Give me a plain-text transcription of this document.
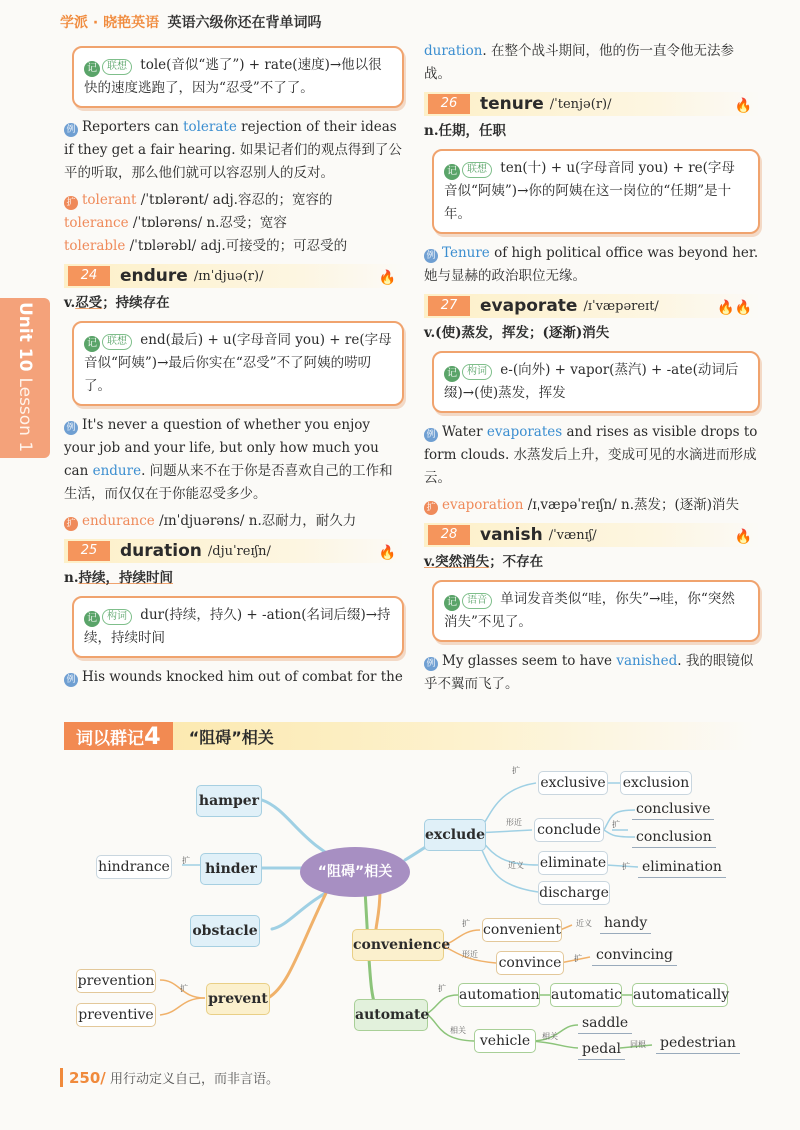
学派 · 晓艳英语 英语六级你还在背单词吗
Unit 10
Lesson 1
记 联想 tole(音似“逃了”) + rate(速度)→他以很快的速度逃跑了，因为“忍受”不了了。
例 Reporters can tolerate rejection of their ideas if they get a fair hearing. 如果记者们的观点得到了公平的听取，那么他们就可以容忍别人的反对。
扩 tolerant /ˈtɒlərənt/ adj.容忍的；宽容的
tolerance /ˈtɒlərəns/ n.忍受；宽容
tolerable /ˈtɒlərəbl/ adj.可接受的；可忍受的
24	endure /ɪnˈdjuə(r)/	🔥
v.忍受；持续存在
记 联想 end(最后) + u(字母音同 you) + re(字母音似“阿姨”)→最后你实在“忍受”不了阿姨的唠叨了。
例 It's never a question of whether you enjoy your job and your life, but only how much you can endure. 问题从来不在于你是否喜欢自己的工作和生活，而仅仅在于你能忍受多少。
扩 endurance /ɪnˈdjuərəns/ n.忍耐力，耐久力
25	duration /djuˈreɪʃn/	🔥
n.持续，持续时间
记 构词 dur(持续，持久) + -ation(名词后缀)→持续，持续时间
例 His wounds knocked him out of combat for the
duration. 在整个战斗期间，他的伤一直令他无法参战。
26	tenure /ˈtenjə(r)/	🔥
n.任期，任职
记 联想 ten(十) + u(字母音同 you) + re(字母音似“阿姨”)→你的阿姨在这一岗位的“任期”是十年。
例 Tenure of high political office was beyond her. 她与显赫的政治职位无缘。
27	evaporate /ɪˈvæpəreɪt/	🔥🔥
v.(使)蒸发，挥发；(逐渐)消失
记 构词 e-(向外) + vapor(蒸汽) + -ate(动词后缀)→(使)蒸发，挥发
例 Water evaporates and rises as visible drops to form clouds. 水蒸发后上升，变成可见的水滴进而形成云。
扩 evaporation /ɪˌvæpəˈreɪʃn/ n.蒸发；(逐渐)消失
28	vanish /ˈvænɪʃ/	🔥
v.突然消失；不存在
记 语音 单词发音类似“哇，你失”→哇，你“突然消失”不见了。
例 My glasses seem to have vanished. 我的眼镜似乎不翼而飞了。
词以群记4	“阻碍”相关
“阻碍”相关
hamper
hinder
hindrance
obstacle
prevent
prevention
preventive
exclude
exclusive exclusion
conclude
conclusive
conclusion
eliminate	elimination
discharge
convenience
convenient	handy
convince convincing
automate
automation automatic automatically
vehicle
saddle
pedal	pedestrian
扩
扩
形近	扩
近义	扩
扩	近义
形近	扩
扩	扩
相关
相关
同根
250/ 用行动定义自己，而非言语。
